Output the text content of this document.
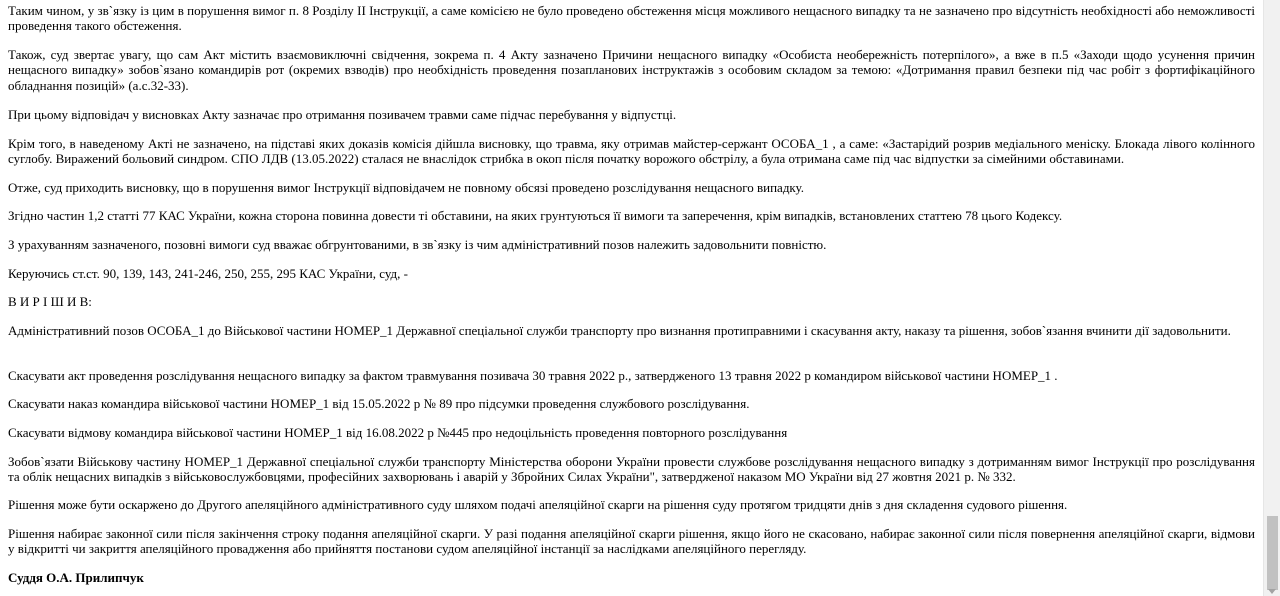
Таким чином, у зв`язку із цим в порушення вимог п. 8 Розділу ІІ Інструкції, а саме комісією не було проведено обстеження місця можливого нещасного випадку та не зазначено про відсутність необхідності або неможливості проведення такого обстеження.

Також, суд звертає увагу, що сам Акт містить взаємовиключні свідчення, зокрема п. 4 Акту зазначено Причини нещасного випадку «Особиста необережність потерпілого», а вже в п.5 «Заходи щодо усунення причин нещасного випадку» зобов`язано командирів рот (окремих взводів) про необхідність проведення позапланових інструктажів з особовим складом за темою: «Дотримання правил безпеки під час робіт з фортифікаційного обладнання позицій» (а.с.32-33).

При цьому відповідач у висновках Акту зазначає про отримання позивачем травми саме підчас перебування у відпустці.

Крім того, в наведеному Акті не зазначено, на підставі яких доказів комісія дійшла висновку, що травма, яку отримав майстер-сержант ОСОБА_1 , а саме: «Застарідий розрив медіального меніску. Блокада лівого колінного суглобу. Виражений больовий синдром. СПО ЛДВ (13.05.2022) сталася не внаслідок стрибка в окоп після початку ворожого обстрілу, а була отримана саме під час відпустки за сімейними обставинами.

Отже, суд приходить висновку, що в порушення вимог Інструкції відповідачем не повному обсязі проведено розслідування нещасного випадку.

Згідно частин 1,2 статті 77 КАС України, кожна сторона повинна довести ті обставини, на яких грунтуються її вимоги та заперечення, крім випадків, встановлених статтею 78 цього Кодексу.

З урахуванням зазначеного, позовні вимоги суд вважає обгрунтованими, в зв`язку із чим адміністративний позов належить задовольнити повністю.

Керуючись ст.ст. 90, 139, 143, 241-246, 250, 255, 295 КАС України, суд, -

В И Р І Ш И В:

Адміністративний позов ОСОБА_1 до Військової частини НОМЕР_1 Державної спеціальної служби транспорту про визнання протиправними і скасування акту, наказу та рішення, зобов`язання вчинити дії задовольнити.

Скасувати акт проведення розслідування нещасного випадку за фактом травмування позивача 30 травня 2022 р., затвердженого 13 травня 2022 р командиром військової частини НОМЕР_1 .

Скасувати наказ командира військової частини НОМЕР_1 від 15.05.2022 р № 89 про підсумки проведення службового розслідування.

Скасувати відмову командира військової частини НОМЕР_1 від 16.08.2022 р №445 про недоцільність проведення повторного розслідування

Зобов`язати Військову частину НОМЕР_1 Державної спеціальної служби транспорту Міністерства оборони України провести службове розслідування нещасного випадку з дотриманням вимог Інструкції про розслідування та облік нещасних випадків з військовослужбовцями, професійних захворювань і аварій у Збройних Силах України", затвердженої наказом МО України від 27 жовтня 2021 р. № 332.

Рішення може бути оскаржено до Другого апеляційного адміністративного суду шляхом подачі апеляційної скарги на рішення суду протягом тридцяти днів з дня складення судового рішення.

Рішення набирає законної сили після закінчення строку подання апеляційної скарги. У разі подання апеляційної скарги рішення, якщо його не скасовано, набирає законної сили після повернення апеляційної скарги, відмови у відкритті чи закриття апеляційного провадження або прийняття постанови судом апеляційної інстанції за наслідками апеляційного перегляду.

Суддя О.А. Прилипчук
